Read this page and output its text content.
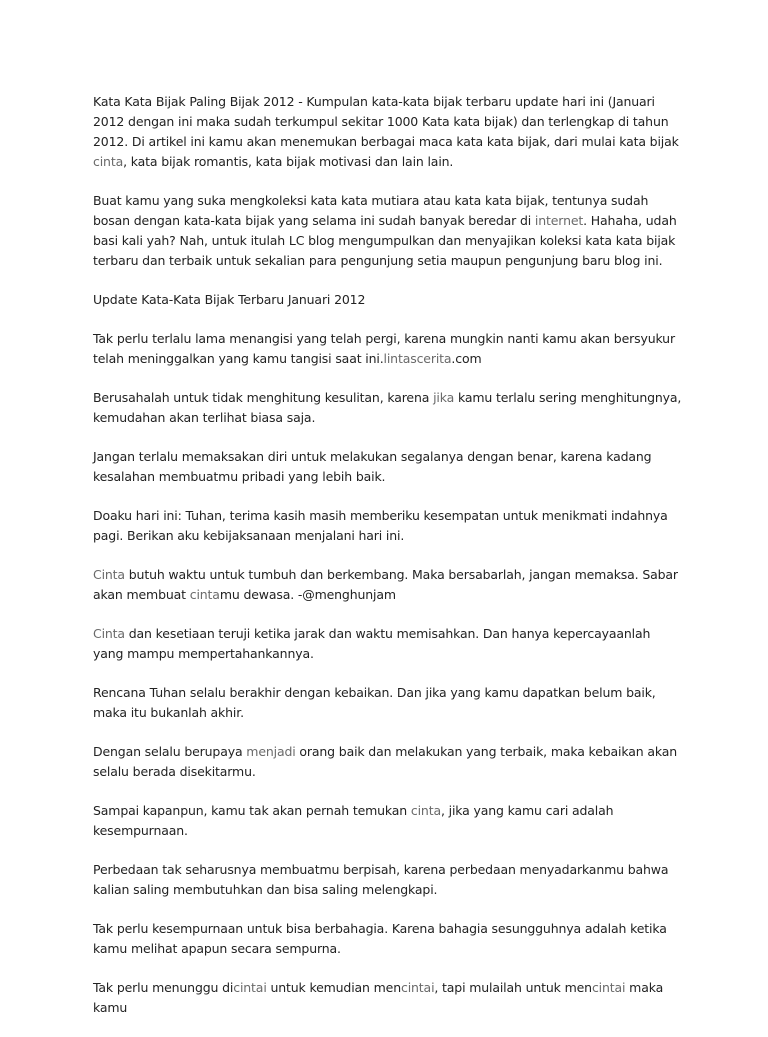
Kata Kata Bijak Paling Bijak 2012 - Kumpulan kata-kata bijak terbaru update hari ini (Januari 2012 dengan ini maka sudah terkumpul sekitar 1000 Kata kata bijak) dan terlengkap di tahun 2012. Di artikel ini kamu akan menemukan berbagai maca kata kata bijak, dari mulai kata bijak cinta, kata bijak romantis, kata bijak motivasi dan lain lain.

Buat kamu yang suka mengkoleksi kata kata mutiara atau kata kata bijak, tentunya sudah bosan dengan kata-kata bijak yang selama ini sudah banyak beredar di internet. Hahaha, udah basi kali yah? Nah, untuk itulah LC blog mengumpulkan dan menyajikan koleksi kata kata bijak terbaru dan terbaik untuk sekalian para pengunjung setia maupun pengunjung baru blog ini.

Update Kata-Kata Bijak Terbaru Januari 2012

Tak perlu terlalu lama menangisi yang telah pergi, karena mungkin nanti kamu akan bersyukur telah meninggalkan yang kamu tangisi saat ini.lintascerita.com

Berusahalah untuk tidak menghitung kesulitan, karena jika kamu terlalu sering menghitungnya, kemudahan akan terlihat biasa saja.

Jangan terlalu memaksakan diri untuk melakukan segalanya dengan benar, karena kadang kesalahan membuatmu pribadi yang lebih baik.

Doaku hari ini: Tuhan, terima kasih masih memberiku kesempatan untuk menikmati indahnya pagi. Berikan aku kebijaksanaan menjalani hari ini.

Cinta butuh waktu untuk tumbuh dan berkembang. Maka bersabarlah, jangan memaksa. Sabar akan membuat cintamu dewasa. -@menghunjam

Cinta dan kesetiaan teruji ketika jarak dan waktu memisahkan. Dan hanya kepercayaanlah yang mampu mempertahankannya.

Rencana Tuhan selalu berakhir dengan kebaikan. Dan jika yang kamu dapatkan belum baik, maka itu bukanlah akhir.

Dengan selalu berupaya menjadi orang baik dan melakukan yang terbaik, maka kebaikan akan selalu berada disekitarmu.

Sampai kapanpun, kamu tak akan pernah temukan cinta, jika yang kamu cari adalah kesempurnaan.

Perbedaan tak seharusnya membuatmu berpisah, karena perbedaan menyadarkanmu bahwa kalian saling membutuhkan dan bisa saling melengkapi.

Tak perlu kesempurnaan untuk bisa berbahagia. Karena bahagia sesungguhnya adalah ketika kamu melihat apapun secara sempurna.

Tak perlu menunggu dicintai untuk kemudian mencintai, tapi mulailah untuk mencintai maka kamu
